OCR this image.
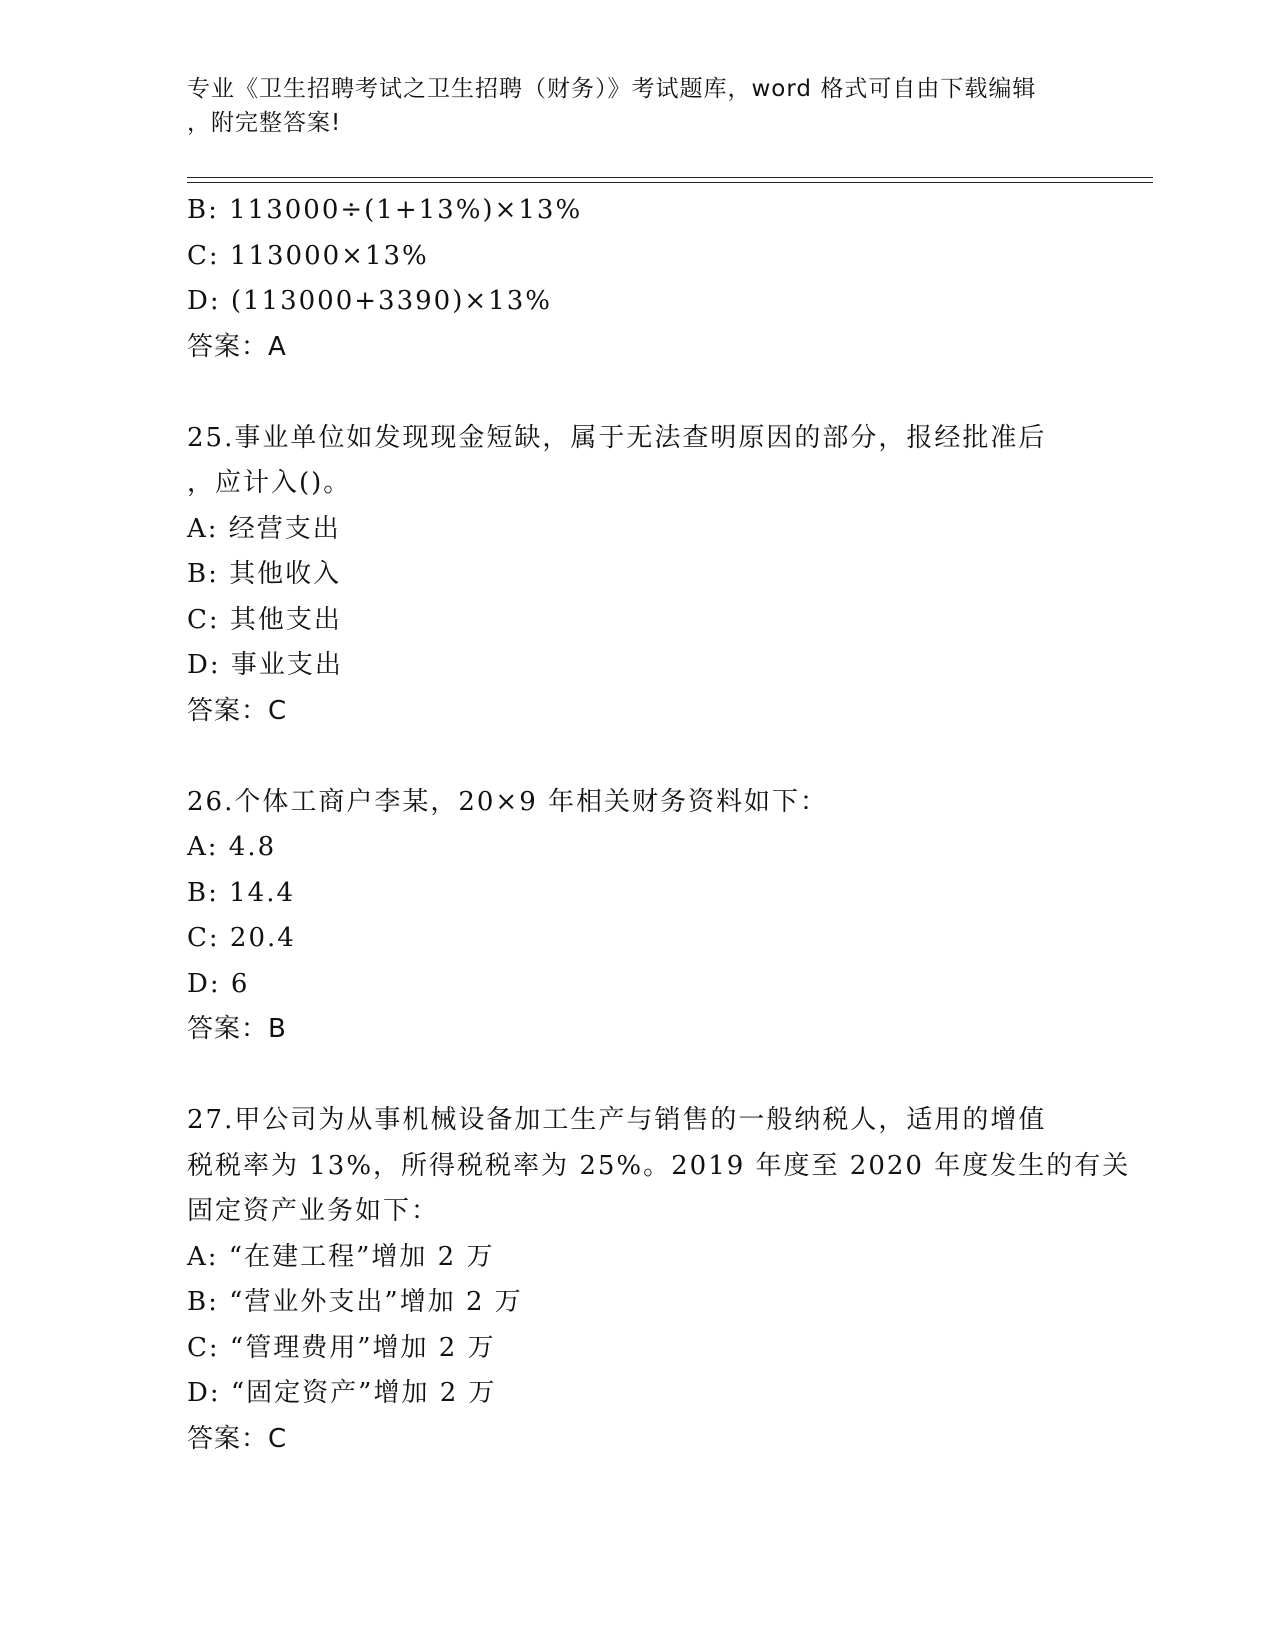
专业《卫生招聘考试之卫生招聘（财务）》考试题库，word 格式可自由下载编辑
，附完整答案!
B: 113000÷(1+13%)×13%
C: 113000×13%
D: (113000+3390)×13%
答案：A
25.事业单位如发现现金短缺，属于无法查明原因的部分，报经批准后
，应计入()。
A: 经营支出
B: 其他收入
C: 其他支出
D: 事业支出
答案：C
26.个体工商户李某，20×9 年相关财务资料如下：
A: 4.8
B: 14.4
C: 20.4
D: 6
答案：B
27.甲公司为从事机械设备加工生产与销售的一般纳税人，适用的增值
税税率为 13%，所得税税率为 25%。2019 年度至 2020 年度发生的有关
固定资产业务如下：
A: “在建工程”增加 2 万
B: “营业外支出”增加 2 万
C: “管理费用”增加 2 万
D: “固定资产”增加 2 万
答案：C
